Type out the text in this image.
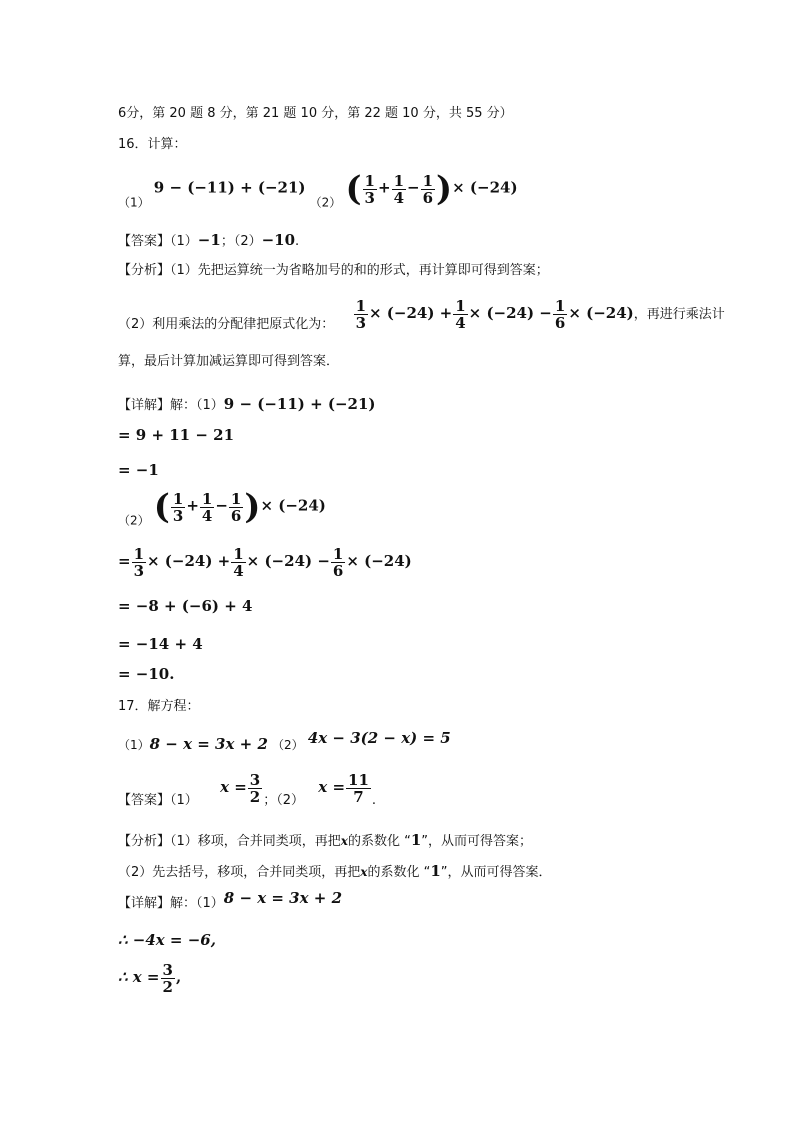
6分，第 20 题 8 分，第 21 题 10 分，第 22 题 10 分，共 55 分）
16．计算：
（1） 9 − (−11) + (−21) （2） ( $\frac{1}{3} + \frac{1}{4} - \frac{1}{6}$ )× (−24)
【答案】（1）−1；（2）−10.
【分析】（1）先把运算统一为省略加号的和的形式，再计算即可得到答案；
（2）利用乘法的分配律把原式化为： $\frac{1}{3} \times (-24) + \frac{1}{4} \times (-24) - \frac{1}{6} \times (-24)$，再进行乘法计
算，最后计算加减运算即可得到答案．
【详解】解：（1）9 − (−11) + (−21)
= 9 + 11 − 21
= −1
（2） ( $\frac{1}{3} + \frac{1}{4} - \frac{1}{6}$ )× (−24)
= $\frac{1}{3} \times (-24) + \frac{1}{4} \times (-24) - \frac{1}{6} \times (-24)$
= −8 + (−6) + 4
= −14 + 4
= −10.
17．解方程：
（1）8 − x = 3x + 2 （2） 4x − 3(2 − x) = 5
【答案】（1）  $x = \frac{3}{2}$ ；（2）  $x = \frac{11}{7}$ .
【分析】（1）移项，合并同类项，再把x的系数化 “1”，从而可得答案；
（2）先去括号，移项，合并同类项，再把x的系数化 “1”，从而可得答案．
【详解】解：（1）8 − x = 3x + 2
∴ −4x = −6,
∴ $x = \frac{3}{2}$ ,
